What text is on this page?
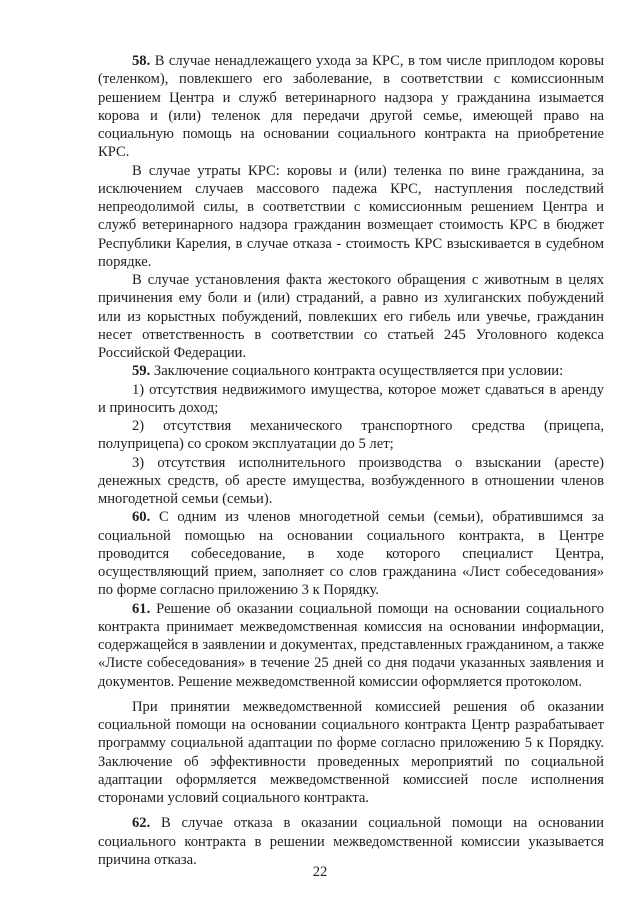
58. В случае ненадлежащего ухода за КРС, в том числе приплодом коровы (теленком), повлекшего его заболевание, в соответствии с комиссионным решением Центра и служб ветеринарного надзора у гражданина изымается корова и (или) теленок для передачи другой семье, имеющей право на социальную помощь на основании социального контракта на приобретение КРС.

В случае утраты КРС: коровы и (или) теленка по вине гражданина, за исключением случаев массового падежа КРС, наступления последствий непреодолимой силы, в соответствии с комиссионным решением Центра и служб ветеринарного надзора гражданин возмещает стоимость КРС в бюджет Республики Карелия, в случае отказа - стоимость КРС взыскивается в судебном порядке.

В случае установления факта жестокого обращения с животным в целях причинения ему боли и (или) страданий, а равно из хулиганских побуждений или из корыстных побуждений, повлекших его гибель или увечье, гражданин несет ответственность в соответствии со статьей 245 Уголовного кодекса Российской Федерации.

59. Заключение социального контракта осуществляется при условии:

1) отсутствия недвижимого имущества, которое может сдаваться в аренду и приносить доход;

2) отсутствия механического транспортного средства (прицепа, полуприцепа) со сроком эксплуатации до 5 лет;

3) отсутствия исполнительного производства о взыскании (аресте) денежных средств, об аресте имущества, возбужденного в отношении членов многодетной семьи (семьи).

60. С одним из членов многодетной семьи (семьи), обратившимся за социальной помощью на основании социального контракта, в Центре проводится собеседование, в ходе которого специалист Центра, осуществляющий прием, заполняет со слов гражданина «Лист собеседования» по форме согласно приложению 3 к Порядку.

61. Решение об оказании социальной помощи на основании социального контракта принимает межведомственная комиссия на основании информации, содержащейся в заявлении и документах, представленных гражданином, а также «Листе собеседования» в течение 25 дней со дня подачи указанных заявления и документов. Решение межведомственной комиссии оформляется протоколом.

При принятии межведомственной комиссией решения об оказании социальной помощи на основании социального контракта Центр разрабатывает программу социальной адаптации по форме согласно приложению 5 к Порядку. Заключение об эффективности проведенных мероприятий по социальной адаптации оформляется межведомственной комиссией после исполнения сторонами условий социального контракта.

62. В случае отказа в оказании социальной помощи на основании социального контракта в решении межведомственной комиссии указывается причина отказа.

22
